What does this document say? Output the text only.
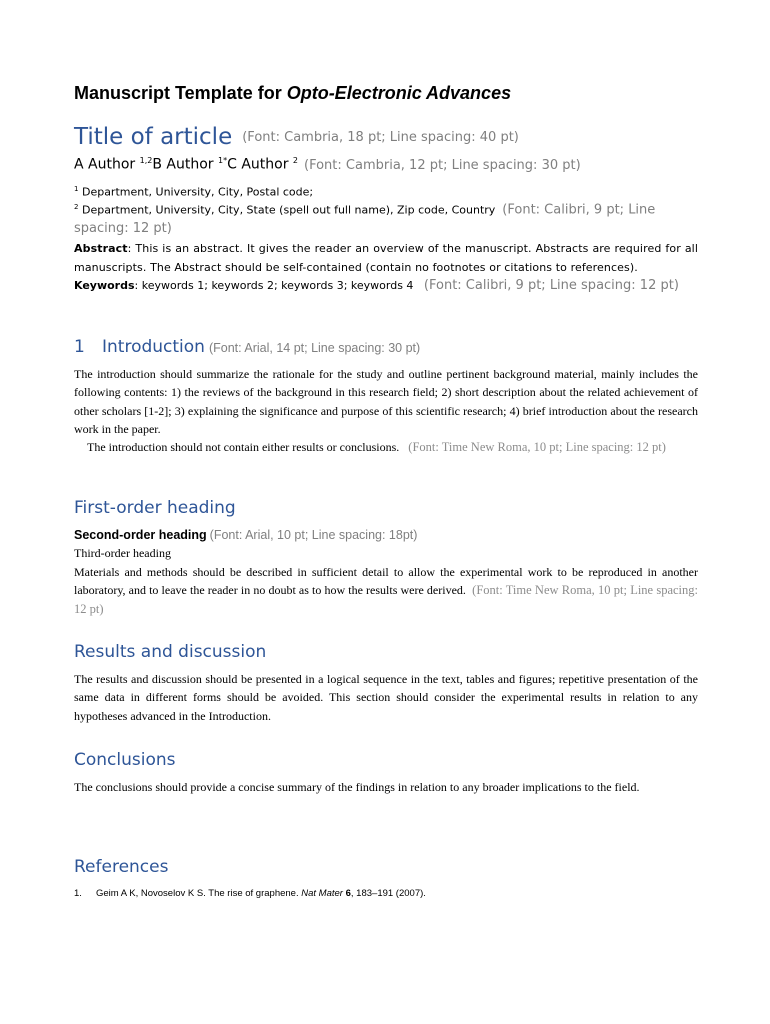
Manuscript Template for Opto-Electronic Advances
Title of article (Font: Cambria, 18 pt; Line spacing: 40 pt)
A Author $^{1,2}$B Author $^{1*}$C Author $^2$ (Font: Cambria, 12 pt; Line spacing: 30 pt)
$^1$ Department, University, City, Postal code;
$^2$ Department, University, City, State (spell out full name), Zip code, Country (Font: Calibri, 9 pt; Line spacing: 12 pt)
Abstract: This is an abstract. It gives the reader an overview of the manuscript. Abstracts are required for all manuscripts. The Abstract should be self-contained (contain no footnotes or citations to references).
Keywords: keywords 1; keywords 2; keywords 3; keywords 4 (Font: Calibri, 9 pt; Line spacing: 12 pt)
1 Introduction (Font: Arial, 14 pt; Line spacing: 30 pt)
The introduction should summarize the rationale for the study and outline pertinent background material, mainly includes the following contents: 1) the reviews of the background in this research field; 2) short description about the related achievement of other scholars [1-2]; 3) explaining the significance and purpose of this scientific research; 4) brief introduction about the research work in the paper.
The introduction should not contain either results or conclusions. (Font: Time New Roma, 10 pt; Line spacing: 12 pt)
First-order heading
Second-order heading (Font: Arial, 10 pt; Line spacing: 18pt)
Third-order heading
Materials and methods should be described in sufficient detail to allow the experimental work to be reproduced in another laboratory, and to leave the reader in no doubt as to how the results were derived. (Font: Time New Roma, 10 pt; Line spacing: 12 pt)
Results and discussion
The results and discussion should be presented in a logical sequence in the text, tables and figures; repetitive presentation of the same data in different forms should be avoided. This section should consider the experimental results in relation to any hypotheses advanced in the Introduction.
Conclusions
The conclusions should provide a concise summary of the findings in relation to any broader implications to the field.
References
1. Geim A K, Novoselov K S. The rise of graphene. Nat Mater 6, 183–191 (2007).
